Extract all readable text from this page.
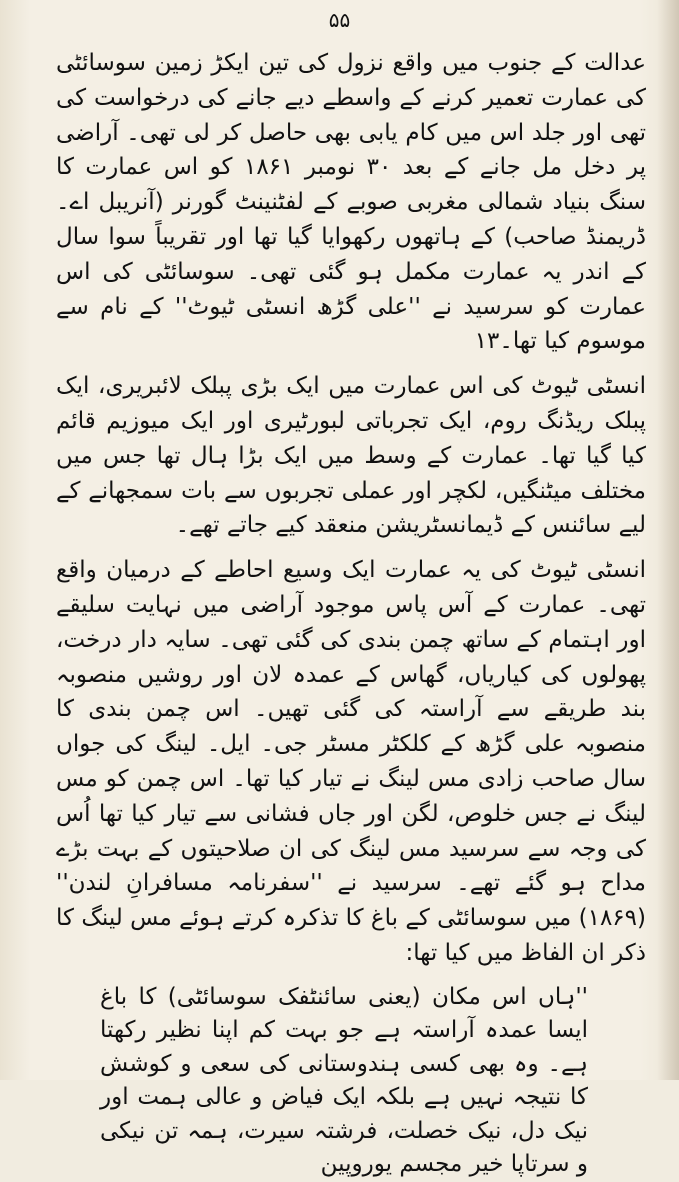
۵۵

عدالت کے جنوب میں واقع نزول کی تین ایکڑ زمین سوسائٹی کی عمارت تعمیر کرنے کے واسطے دیے جانے کی درخواست کی تھی اور جلد اس میں کام یابی بھی حاصل کر لی تھی۔ آراضی پر دخل مل جانے کے بعد ۳۰ نومبر ۱۸۶۱ کو اس عمارت کا سنگ بنیاد شمالی مغربی صوبے کے لفٹنینٹ گورنر (آنریبل اے۔ ڈریمنڈ صاحب) کے ہاتھوں رکھوایا گیا تھا اور تقریباً سوا سال کے اندر یہ عمارت مکمل ہو گئی تھی۔ سوسائٹی کی اس عمارت کو سرسید نے ''علی گڑھ انسٹی ٹیوٹ'' کے نام سے موسوم کیا تھا۔۱۳

انسٹی ٹیوٹ کی اس عمارت میں ایک بڑی پبلک لائبریری، ایک پبلک ریڈنگ روم، ایک تجرباتی لبورٹیری اور ایک میوزیم قائم کیا گیا تھا۔ عمارت کے وسط میں ایک بڑا ہال تھا جس میں مختلف میٹنگیں، لکچر اور عملی تجربوں سے بات سمجھانے کے لیے سائنس کے ڈیمانسٹریشن منعقد کیے جاتے تھے۔

انسٹی ٹیوٹ کی یہ عمارت ایک وسیع احاطے کے درمیان واقع تھی۔ عمارت کے آس پاس موجود آراضی میں نہایت سلیقے اور اہتمام کے ساتھ چمن بندی کی گئی تھی۔ سایہ دار درخت، پھولوں کی کیاریاں، گھاس کے عمدہ لان اور روشیں منصوبہ بند طریقے سے آراستہ کی گئی تھیں۔ اس چمن بندی کا منصوبہ علی گڑھ کے کلکٹر مسٹر جی۔ ایل۔ لینگ کی جواں سال صاحب زادی مس لینگ نے تیار کیا تھا۔ اس چمن کو مس لینگ نے جس خلوص، لگن اور جاں فشانی سے تیار کیا تھا اُس کی وجہ سے سرسید مس لینگ کی ان صلاحیتوں کے بہت بڑے مداح ہو گئے تھے۔ سرسید نے ''سفرنامہ مسافرانِ لندن'' (۱۸۶۹) میں سوسائٹی کے باغ کا تذکرہ کرتے ہوئے مس لینگ کا ذکر ان الفاظ میں کیا تھا:

''ہاں اس مکان (یعنی سائنٹفک سوسائٹی) کا باغ ایسا عمدہ آراستہ ہے جو بہت کم اپنا نظیر رکھتا ہے۔ وہ بھی کسی ہندوستانی کی سعی و کوشش کا نتیجہ نہیں ہے بلکہ ایک فیاض و عالی ہمت اور نیک دل، نیک خصلت، فرشتہ سیرت، ہمہ تن نیکی و سرتاپا خیر مجسم یوروپین
